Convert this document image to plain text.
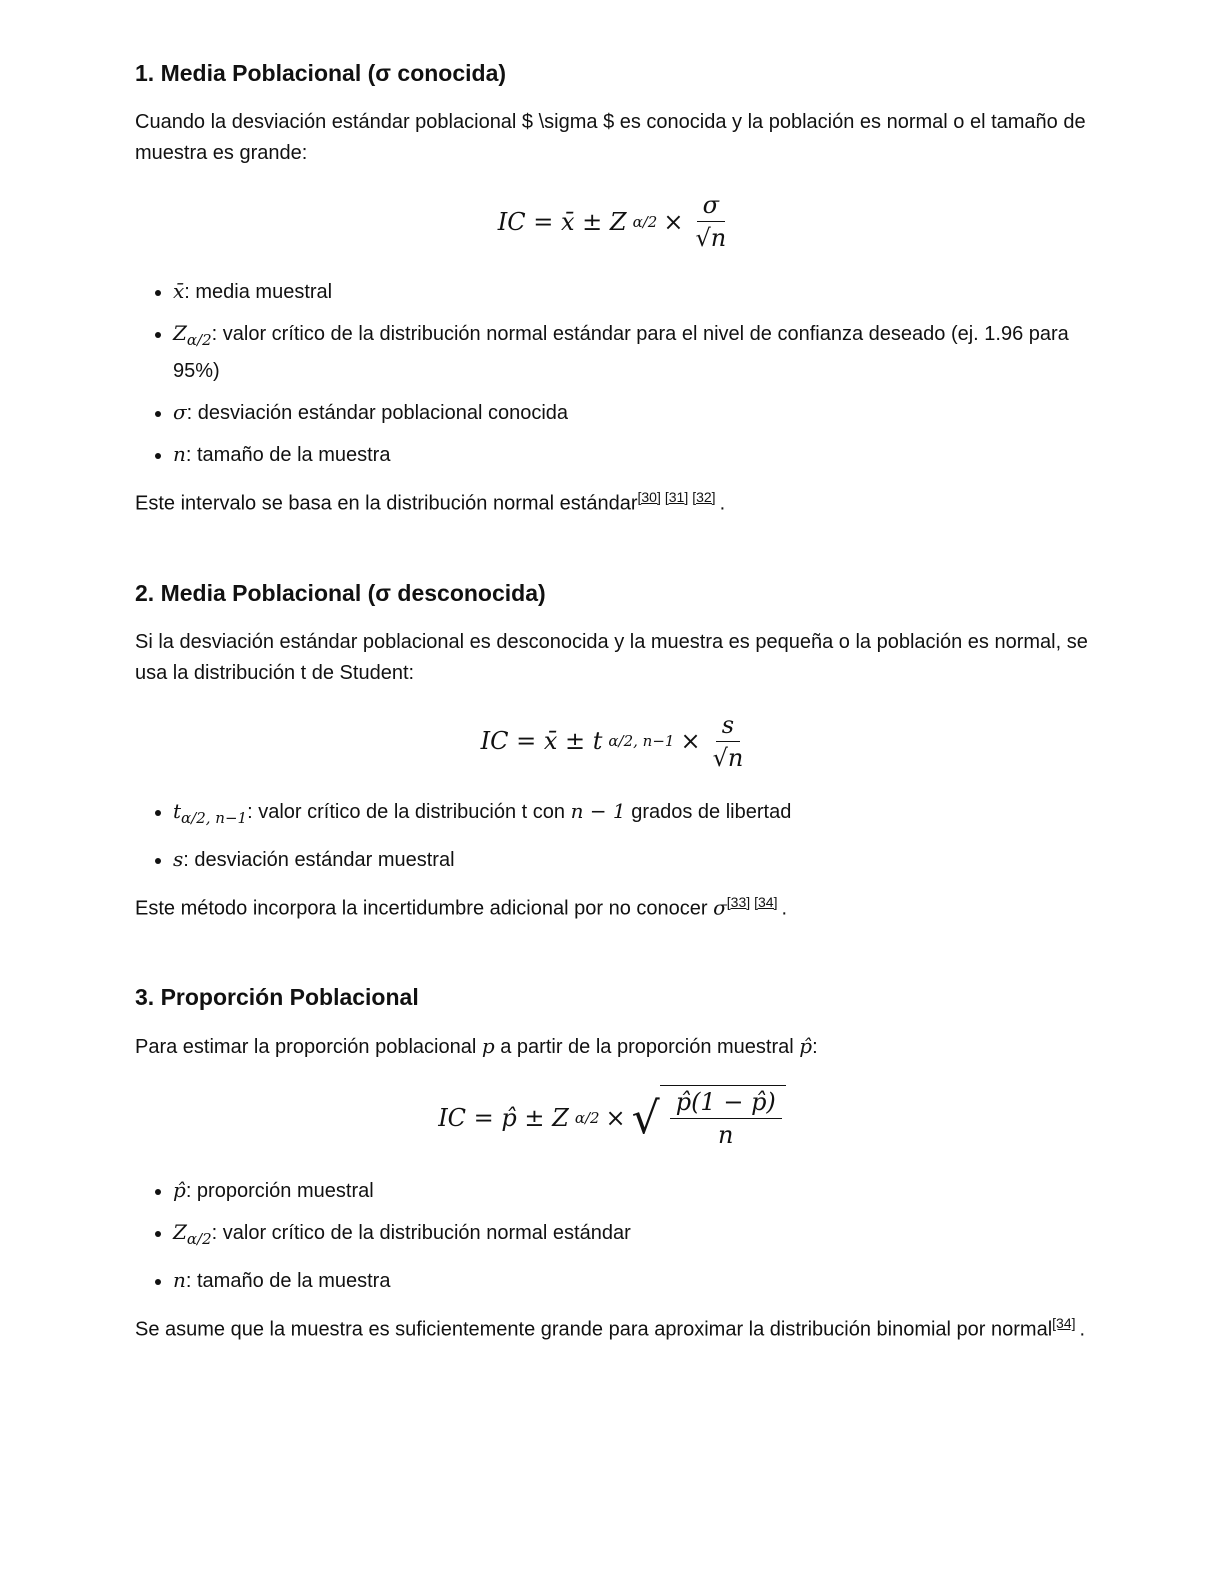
1. Media Poblacional (σ conocida)

Cuando la desviación estándar poblacional $ \sigma $ es conocida y la población es normal o el tamaño de muestra es grande:

IC = x̄ ± Z $\alpha/2 \times \frac{\sigma}{√n}$
• x̄: media muestral
• $Z_{\alpha/2}$: valor crítico de la distribución normal estándar para el nivel de confianza deseado (ej. 1.96 para 95%)
• σ: desviación estándar poblacional conocida
• n: tamaño de la muestra

Este intervalo se basa en la distribución normal estándar[30] [31] [32] .

2. Media Poblacional (σ desconocida)

Si la desviación estándar poblacional es desconocida y la muestra es pequeña o la población es normal, se usa la distribución t de Student:

IC = x̄ ± t α/2, $n-1 \times \frac{s}{√n}$
• $t_{\alpha/2, n-1}$: valor crítico de la distribución t con n − 1 grados de libertad
• s: desviación estándar muestral

Este método incorpora la incertidumbre adicional por no conocer σ[33] [34] .

3. Proporción Poblacional

Para estimar la proporción poblacional p a partir de la proporción muestral p̂:

IC = p̂ ± Z α/2 × √ $\frac{p̂(1 - p̂)}{n}$
• p̂: proporción muestral
• $Z_{\alpha/2}$: valor crítico de la distribución normal estándar
• n: tamaño de la muestra

Se asume que la muestra es suficientemente grande para aproximar la distribución binomial por normal[34] .
